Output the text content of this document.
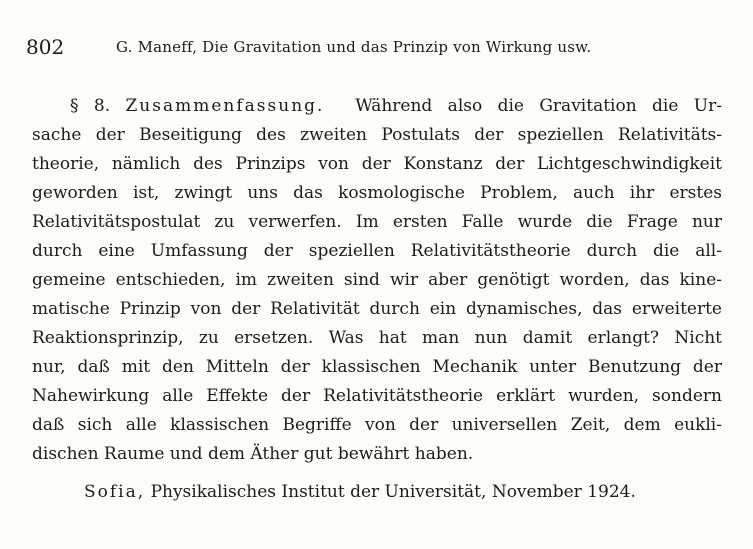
802	G. Maneff, Die Gravitation und das Prinzip von Wirkung usw.
§ 8. Zusammenfassung. Während also die Gravitation die Ur-
sache der Beseitigung des zweiten Postulats der speziellen Relativitäts-
theorie, nämlich des Prinzips von der Konstanz der Lichtgeschwindigkeit
geworden ist, zwingt uns das kosmologische Problem, auch ihr erstes
Relativitätspostulat zu verwerfen. Im ersten Falle wurde die Frage nur
durch eine Umfassung der speziellen Relativitätstheorie durch die all-
gemeine entschieden, im zweiten sind wir aber genötigt worden, das kine-
matische Prinzip von der Relativität durch ein dynamisches, das erweiterte
Reaktionsprinzip, zu ersetzen. Was hat man nun damit erlangt? Nicht
nur, daß mit den Mitteln der klassischen Mechanik unter Benutzung der
Nahewirkung alle Effekte der Relativitätstheorie erklärt wurden, sondern
daß sich alle klassischen Begriffe von der universellen Zeit, dem eukli-
dischen Raume und dem Äther gut bewährt haben.
Sofia, Physikalisches Institut der Universität, November 1924.
